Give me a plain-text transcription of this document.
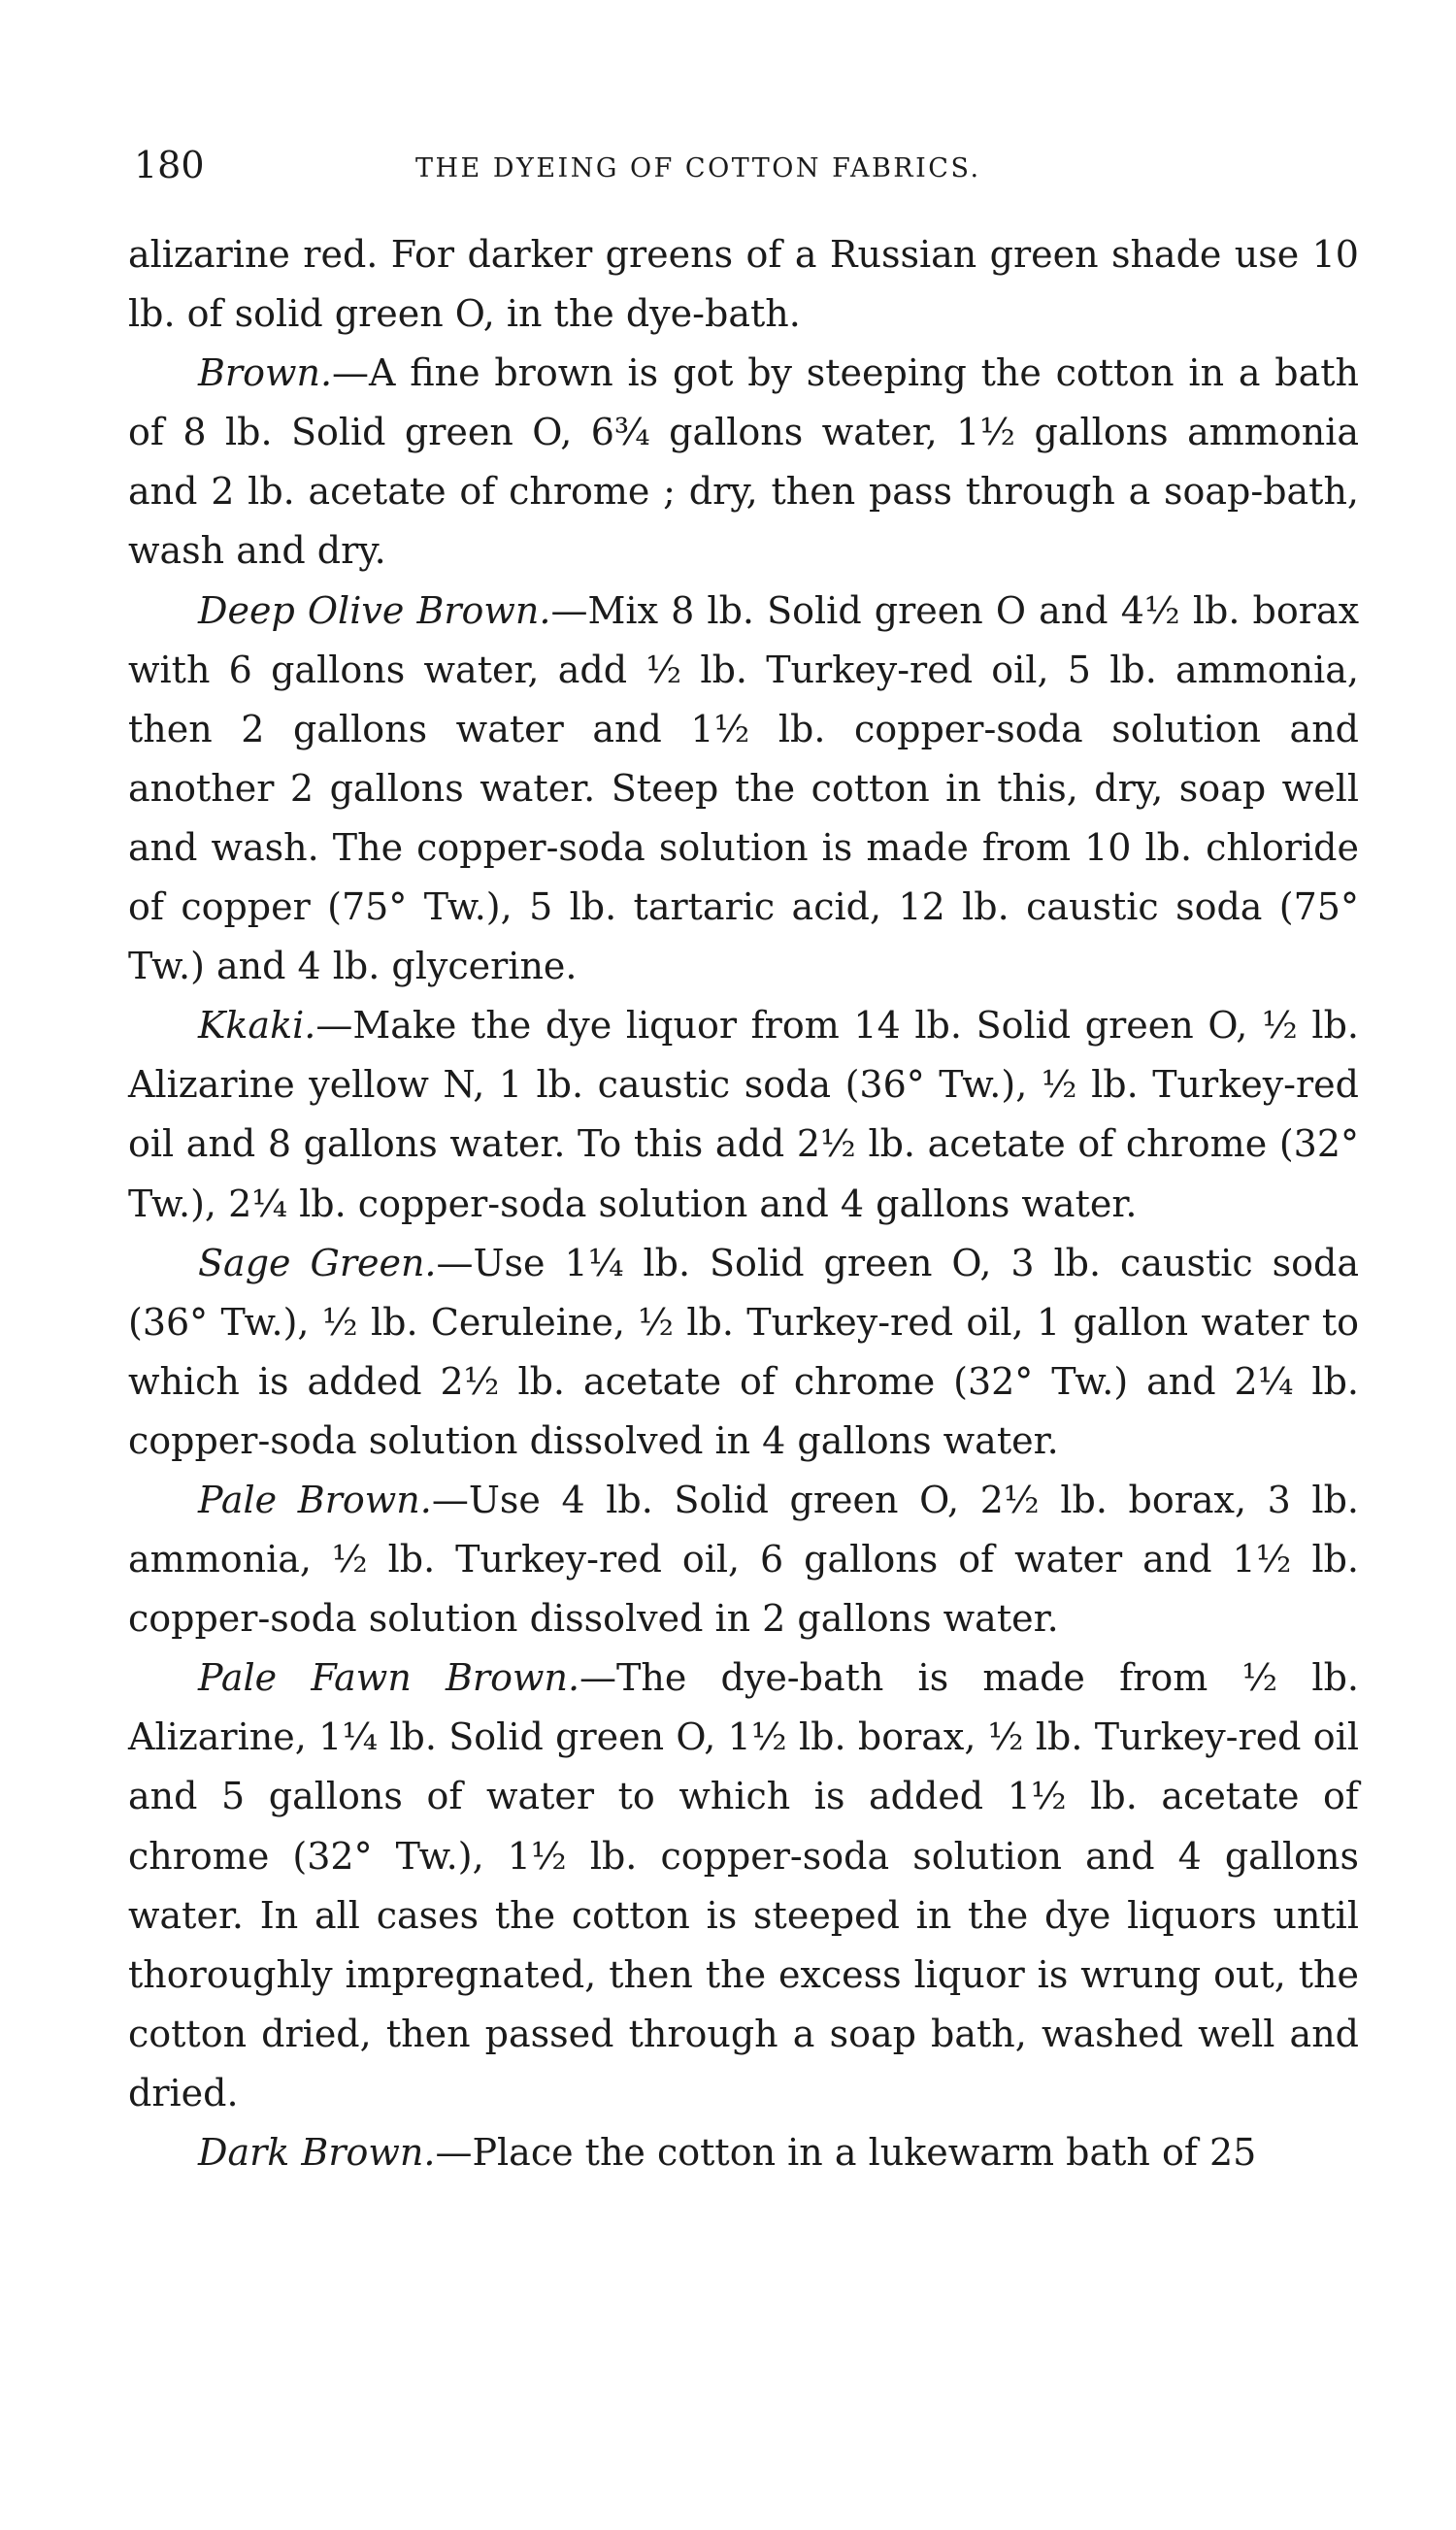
180	THE DYEING OF COTTON FABRICS.

alizarine red. For darker greens of a Russian green shade use 10 lb. of solid green O, in the dye-bath.

Brown.—A fine brown is got by steeping the cotton in a bath of 8 lb. Solid green O, 6¾ gallons water, 1½ gallons ammonia and 2 lb. acetate of chrome ; dry, then pass through a soap-bath, wash and dry.

Deep Olive Brown.—Mix 8 lb. Solid green O and 4½ lb. borax with 6 gallons water, add ½ lb. Turkey-red oil, 5 lb. ammonia, then 2 gallons water and 1½ lb. copper-soda solution and another 2 gallons water. Steep the cotton in this, dry, soap well and wash. The copper-soda solution is made from 10 lb. chloride of copper (75° Tw.), 5 lb. tartaric acid, 12 lb. caustic soda (75° Tw.) and 4 lb. glycerine.

Kkaki.—Make the dye liquor from 14 lb. Solid green O, ½ lb. Alizarine yellow N, 1 lb. caustic soda (36° Tw.), ½ lb. Turkey-red oil and 8 gallons water. To this add 2½ lb. acetate of chrome (32° Tw.), 2¼ lb. copper-soda solution and 4 gallons water.

Sage Green.—Use 1¼ lb. Solid green O, 3 lb. caustic soda (36° Tw.), ½ lb. Ceruleine, ½ lb. Turkey-red oil, 1 gallon water to which is added 2½ lb. acetate of chrome (32° Tw.) and 2¼ lb. copper-soda solution dissolved in 4 gallons water.

Pale Brown.—Use 4 lb. Solid green O, 2½ lb. borax, 3 lb. ammonia, ½ lb. Turkey-red oil, 6 gallons of water and 1½ lb. copper-soda solution dissolved in 2 gallons water.

Pale Fawn Brown.—The dye-bath is made from ½ lb. Alizarine, 1¼ lb. Solid green O, 1½ lb. borax, ½ lb. Turkey-red oil and 5 gallons of water to which is added 1½ lb. acetate of chrome (32° Tw.), 1½ lb. copper-soda solution and 4 gallons water. In all cases the cotton is steeped in the dye liquors until thoroughly impregnated, then the excess liquor is wrung out, the cotton dried, then passed through a soap bath, washed well and dried.

Dark Brown.—Place the cotton in a lukewarm bath of 25
